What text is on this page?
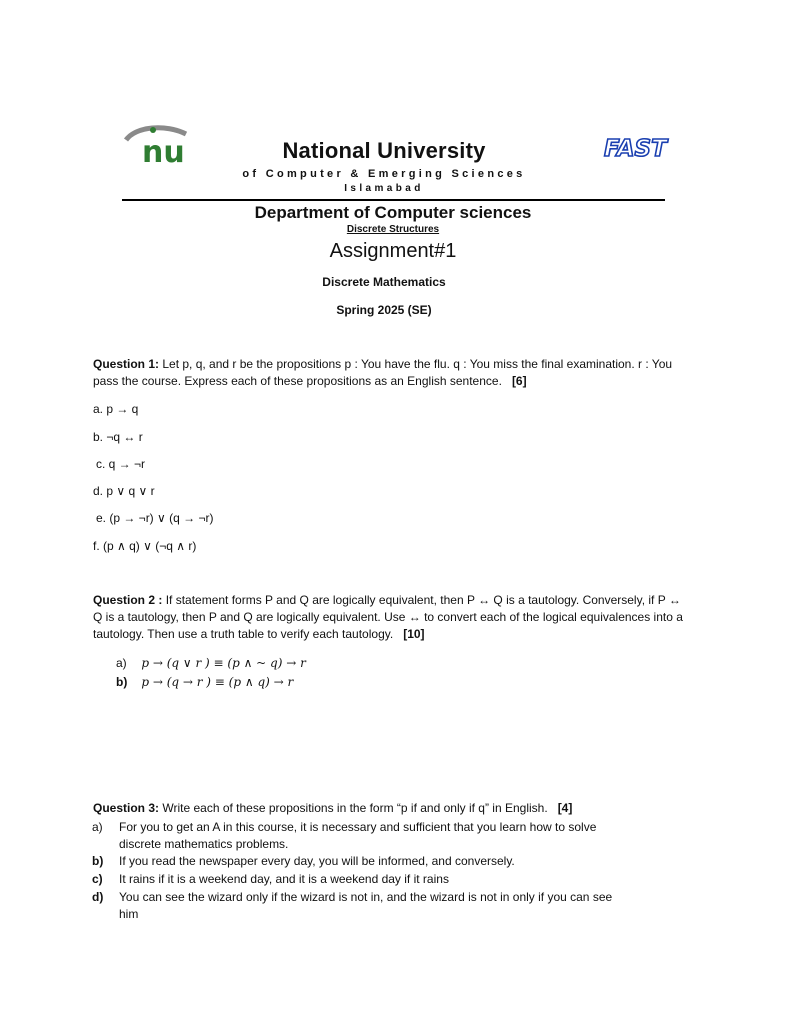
nu	FAST
National University
of Computer & Emerging Sciences
Islamabad
Department of Computer sciences
Discrete Structures
Assignment#1
Discrete Mathematics
Spring 2025 (SE)
Question 1: Let p, q, and r be the propositions p : You have the flu. q : You miss the final examination. r : You pass the course. Express each of these propositions as an English sentence. [6]
a. p → q
b. ¬q ↔ r
c. q → ¬r
d. p ∨ q ∨ r
e. (p → ¬r) ∨ (q → ¬r)
f. (p ∧ q) ∨ (¬q ∧ r)
Question 2 : If statement forms P and Q are logically equivalent, then P ↔ Q is a tautology. Conversely, if P ↔ Q is a tautology, then P and Q are logically equivalent. Use ↔ to convert each of the logical equivalences into a tautology. Then use a truth table to verify each tautology. [10]
a) p → (q ∨ r ) ≡ (p ∧ ~ q) → r
b) p → (q → r ) ≡ (p ∧ q) → r
Question 3: Write each of these propositions in the form “p if and only if q” in English. [4]
a) For you to get an A in this course, it is necessary and sufficient that you learn how to solve
discrete mathematics problems.
b) If you read the newspaper every day, you will be informed, and conversely.
c) It rains if it is a weekend day, and it is a weekend day if it rains
d) You can see the wizard only if the wizard is not in, and the wizard is not in only if you can see
him
